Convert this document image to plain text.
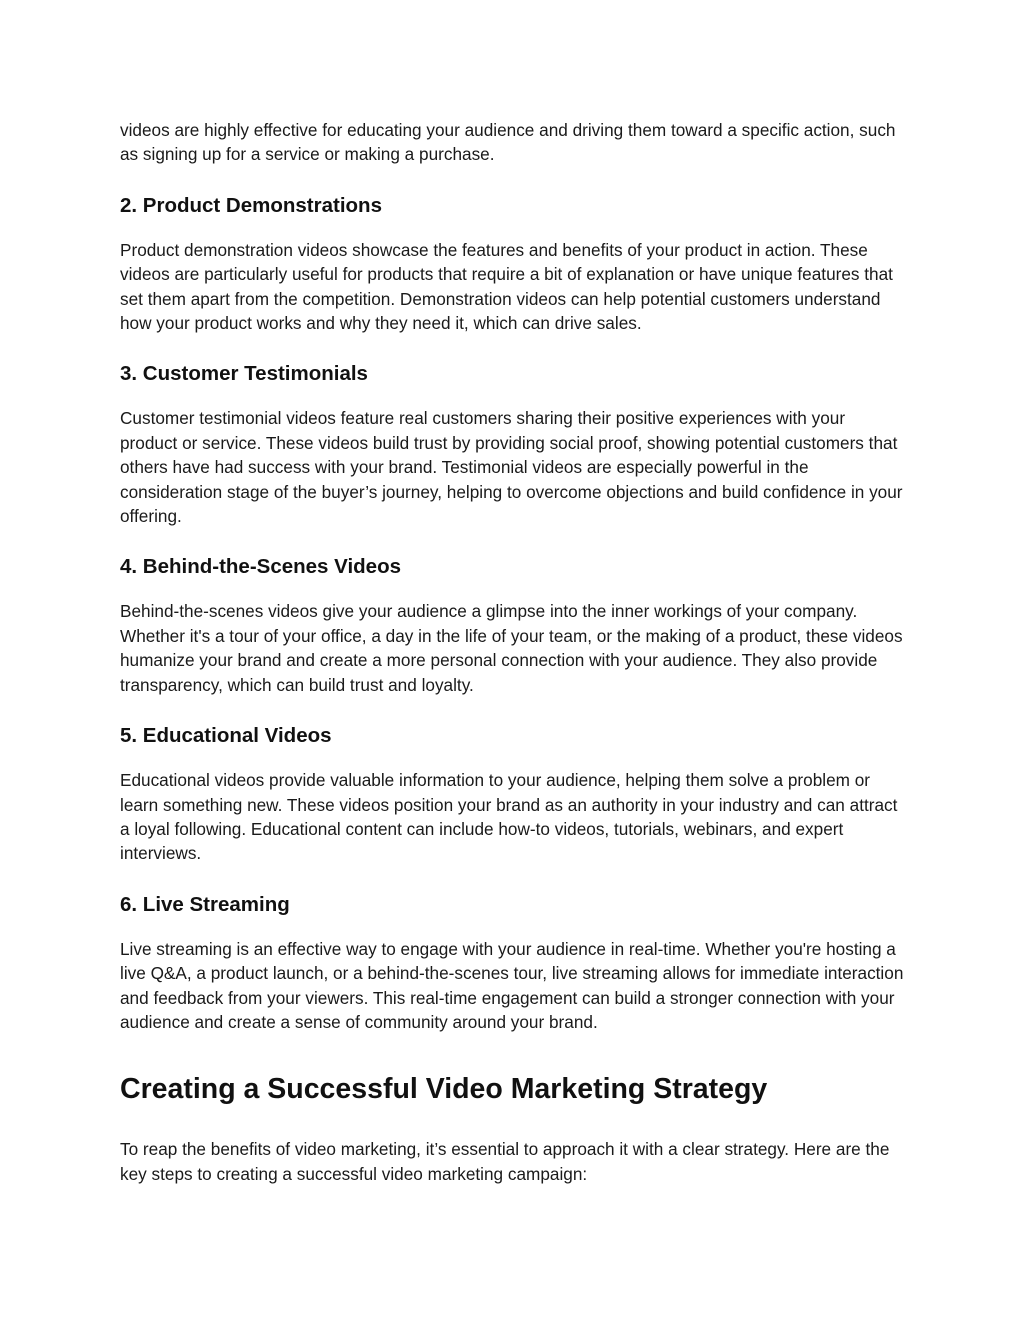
videos are highly effective for educating your audience and driving them toward a specific action, such as signing up for a service or making a purchase.

2. Product Demonstrations

Product demonstration videos showcase the features and benefits of your product in action. These videos are particularly useful for products that require a bit of explanation or have unique features that set them apart from the competition. Demonstration videos can help potential customers understand how your product works and why they need it, which can drive sales.

3. Customer Testimonials

Customer testimonial videos feature real customers sharing their positive experiences with your product or service. These videos build trust by providing social proof, showing potential customers that others have had success with your brand. Testimonial videos are especially powerful in the consideration stage of the buyer’s journey, helping to overcome objections and build confidence in your offering.

4. Behind-the-Scenes Videos

Behind-the-scenes videos give your audience a glimpse into the inner workings of your company. Whether it's a tour of your office, a day in the life of your team, or the making of a product, these videos humanize your brand and create a more personal connection with your audience. They also provide transparency, which can build trust and loyalty.

5. Educational Videos

Educational videos provide valuable information to your audience, helping them solve a problem or learn something new. These videos position your brand as an authority in your industry and can attract a loyal following. Educational content can include how-to videos, tutorials, webinars, and expert interviews.

6. Live Streaming

Live streaming is an effective way to engage with your audience in real-time. Whether you're hosting a live Q&A, a product launch, or a behind-the-scenes tour, live streaming allows for immediate interaction and feedback from your viewers. This real-time engagement can build a stronger connection with your audience and create a sense of community around your brand.

Creating a Successful Video Marketing Strategy

To reap the benefits of video marketing, it’s essential to approach it with a clear strategy. Here are the key steps to creating a successful video marketing campaign:
